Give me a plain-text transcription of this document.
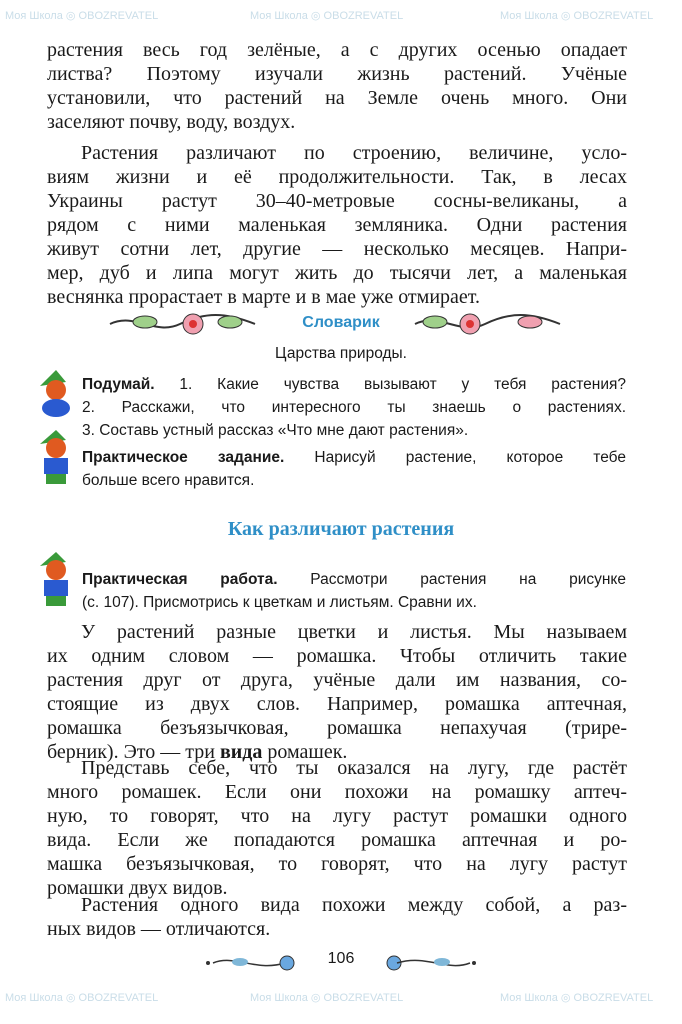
Моя Школа ◎ OBOZREVATEL	Моя Школа ◎ OBOZREVATEL	Моя Школа ◎ OBOZREVATEL
Моя Школа ◎ OBOZREVATEL	Моя Школа ◎ OBOZREVATEL	Моя Школа ◎ OBOZREVATEL
растения весь год зелёные, а с других осенью опадает
листва? Поэтому изучали жизнь растений. Учёные
установили, что растений на Земле очень много. Они
заселяют почву, воду, воздух.
Растения различают по строению, величине, усло-
виям жизни и её продолжительности. Так, в лесах
Украины растут 30–40-метровые сосны-великаны, а
рядом с ними маленькая земляника. Одни растения
живут сотни лет, другие — несколько месяцев. Напри-
мер, дуб и липа могут жить до тысячи лет, а маленькая
веснянка прорастает в марте и в мае уже отмирает.
Словарик
Царства природы.
Подумай. 1. Какие чувства вызывают у тебя растения?
2. Расскажи, что интересного ты знаешь о растениях.
3. Составь устный рассказ «Что мне дают растения».
Практическое задание. Нарисуй растение, которое тебе
больше всего нравится.
Как различают растения
Практическая работа. Рассмотри растения на рисунке
(с. 107). Присмотрись к цветкам и листьям. Сравни их.
У растений разные цветки и листья. Мы называем
их одним словом — ромашка. Чтобы отличить такие
растения друг от друга, учёные дали им названия, со-
стоящие из двух слов. Например, ромашка аптечная,
ромашка безъязычковая, ромашка непахучая (трире-
берник). Это — три вида ромашек.
Представь себе, что ты оказался на лугу, где растёт
много ромашек. Если они похожи на ромашку аптеч-
ную, то говорят, что на лугу растут ромашки одного
вида. Если же попадаются ромашка аптечная и ро-
машка безъязычковая, то говорят, что на лугу растут
ромашки двух видов.
Растения одного вида похожи между собой, а раз-
ных видов — отличаются.
106
